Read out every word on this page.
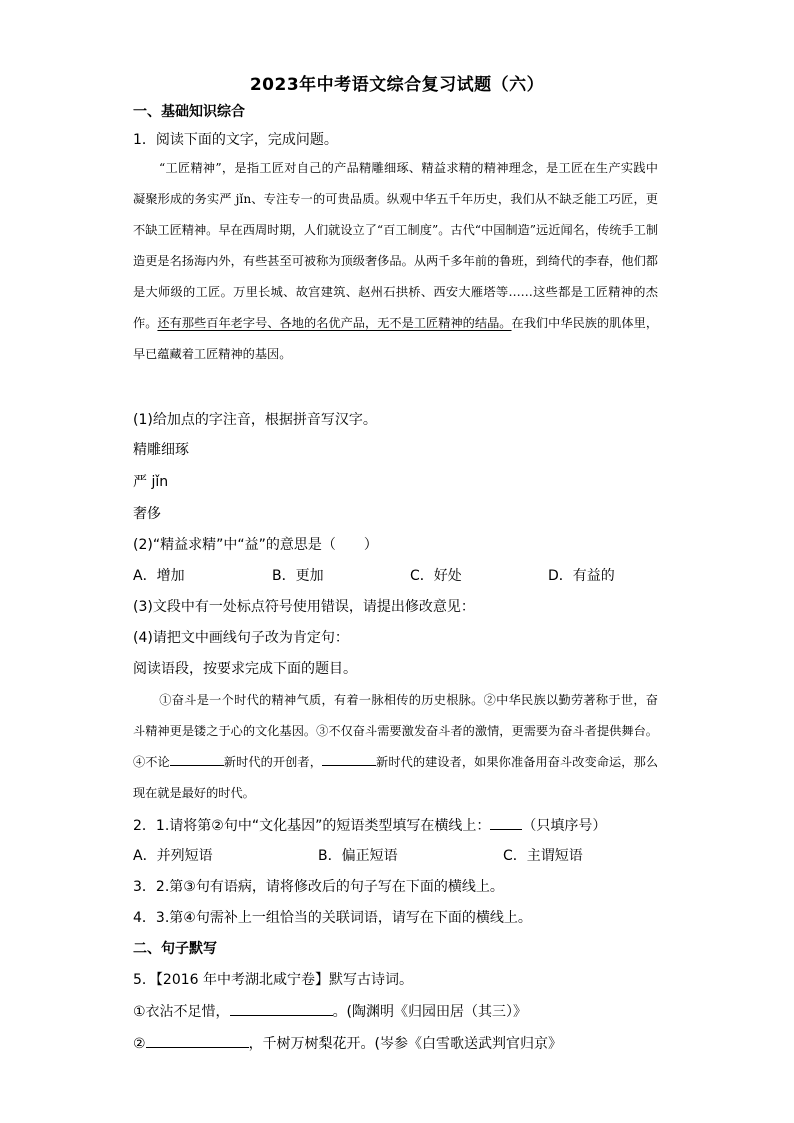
2023年中考语文综合复习试题（六）
一、基础知识综合
1．阅读下面的文字，完成问题。

“工匠精神”，是指工匠对自己的产品精雕细琢、精益求精的精神理念，是工匠在生产实践中凝聚形成的务实严 jǐn、专注专一的可贵品质。纵观中华五千年历史，我们从不缺乏能工巧匠，更不缺工匠精神。早在西周时期，人们就设立了“百工制度”。古代“中国制造”远近闻名，传统手工制造更是名扬海内外，有些甚至可被称为顶级奢侈品。从两千多年前的鲁班，到绮代的李春，他们都是大师级的工匠。万里长城、故宫建筑、赵州石拱桥、西安大雁塔等……这些都是工匠精神的杰作。还有那些百年老字号、各地的名优产品，无不是工匠精神的结晶。在我们中华民族的肌体里，早已蕴藏着工匠精神的基因。

(1)给加点的字注音，根据拼音写汉字。
精雕细琢
严 jǐn
奢侈
(2)“精益求精”中“益”的意思是（　　）
A．增加	B．更加	C．好处	D．有益的
(3)文段中有一处标点符号使用错误，请提出修改意见：
(4)请把文中画线句子改为肯定句：
阅读语段，按要求完成下面的题目。

①奋斗是一个时代的精神气质，有着一脉相传的历史根脉。②中华民族以勤劳著称于世，奋斗精神更是镂之于心的文化基因。③不仅奋斗需要激发奋斗者的激情，更需要为奋斗者提供舞台。④不论	新时代的开创者，	新时代的建设者，如果你准备用奋斗改变命运，那么现在就是最好的时代。

2．1.请将第②句中“文化基因”的短语类型填写在横线上： （只填序号）
A．并列短语	B．偏正短语	C．主谓短语
3．2.第③句有语病，请将修改后的句子写在下面的横线上。
4．3.第④句需补上一组恰当的关联词语，请写在下面的横线上。
二、句子默写
5．【2016 年中考湖北咸宁卷】默写古诗词。
①衣沾不足惜，	。(陶渊明《归园田居（其三）》
②	，千树万树梨花开。(岑参《白雪歌送武判官归京》
